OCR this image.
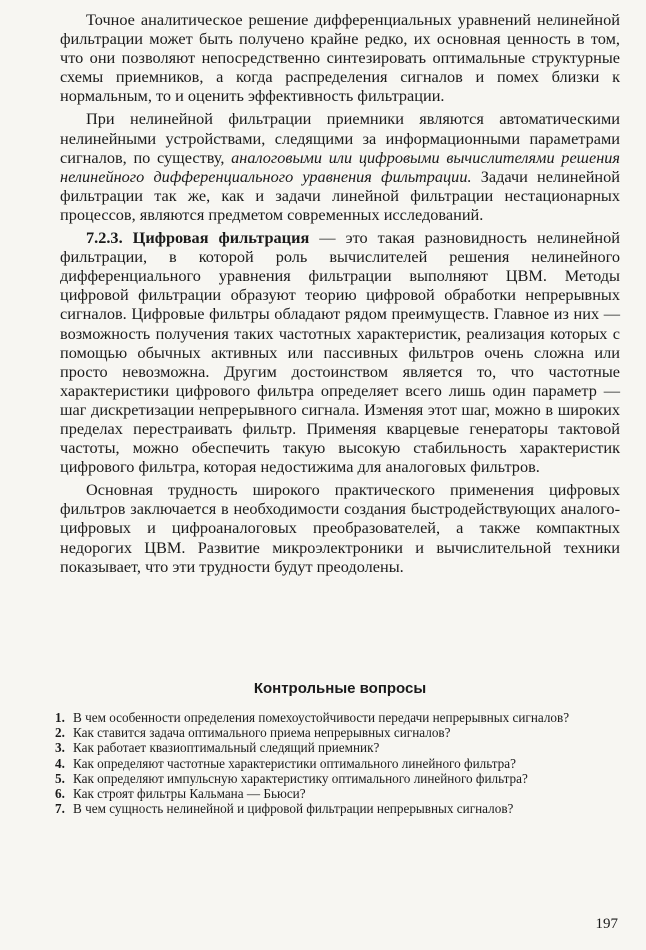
Точное аналитическое решение дифференциальных уравнений нелинейной фильтрации может быть получено крайне редко, их основная ценность в том, что они позволяют непосредственно синтезировать оптимальные структурные схемы приемников, а когда распределения сигналов и помех близки к нормальным, то и оценить эффективность фильтрации.

При нелинейной фильтрации приемники являются автоматическими нелинейными устройствами, следящими за информационными параметрами сигналов, по существу, аналоговыми или цифровыми вычислителями решения нелинейного дифференциального уравнения фильтрации. Задачи нелинейной фильтрации так же, как и задачи линейной фильтрации нестационарных процессов, являются предметом современных исследований.

7.2.3. Цифровая фильтрация — это такая разновидность нелинейной фильтрации, в которой роль вычислителей решения нелинейного дифференциального уравнения фильтрации выполняют ЦВМ. Методы цифровой фильтрации образуют теорию цифровой обработки непрерывных сигналов. Цифровые фильтры обладают рядом преимуществ. Главное из них — возможность получения таких частотных характеристик, реализация которых с помощью обычных активных или пассивных фильтров очень сложна или просто невозможна. Другим достоинством является то, что частотные характеристики цифрового фильтра определяет всего лишь один параметр — шаг дискретизации непрерывного сигнала. Изменяя этот шаг, можно в широких пределах перестраивать фильтр. Применяя кварцевые генераторы тактовой частоты, можно обеспечить такую высокую стабильность характеристик цифрового фильтра, которая недостижима для аналоговых фильтров.

Основная трудность широкого практического применения цифровых фильтров заключается в необходимости создания быстродействующих аналого-цифровых и цифроаналоговых преобразователей, а также компактных недорогих ЦВМ. Развитие микроэлектроники и вычислительной техники показывает, что эти трудности будут преодолены.

Контрольные вопросы
1. В чем особенности определения помехоустойчивости передачи непрерывных сигналов?
2. Как ставится задача оптимального приема непрерывных сигналов?
3. Как работает квазиоптимальный следящий приемник?
4. Как определяют частотные характеристики оптимального линейного фильтра?
5. Как определяют импульсную характеристику оптимального линейного фильтра?
6. Как строят фильтры Кальмана — Бьюси?
7. В чем сущность нелинейной и цифровой фильтрации непрерывных сигналов?
197
